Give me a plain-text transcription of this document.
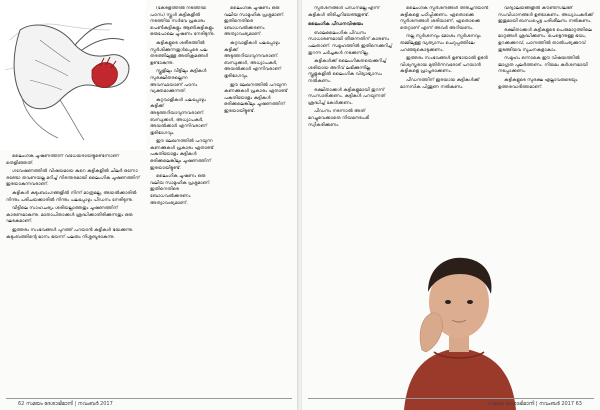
(കേരളത്തിൽ നടത്തിയ പഠനം) സ്കൂൾ കുട്ടികളിൽ നടത്തിയ സർവേ പ്രകാരം പെൺകുട്ടികളും ആൺകുട്ടികളും ഒരുപോലെ ചൂഷണം നേരിടുന്നു.

കുട്ടികളുടെ ശരീരത്തിൽ സ്പർശിക്കുന്നതുൾപ്പെടെ പല തരത്തിലുള്ള അതിക്രമങ്ങൾ ഉണ്ടാകുന്നു.

സ്കൂളിലും വീട്ടിലും കുട്ടികൾ സുരക്ഷിതരല്ലെന്ന അവസ്ഥയാണ് പഠനം വ്യക്തമാക്കുന്നത്.

കുറ്റവാളികൾ പലപ്പോഴും കുട്ടിക്ക് അടുത്തറിയാവുന്നവരാണ്. ബന്ധുക്കൾ, അധ്യാപകർ, അയൽക്കാർ എന്നിവരാണ് ഭൂരിഭാഗവും.

ഈ ലേഖനത്തിൽ പറയുന്ന കണക്കുകൾ പ്രകാരം ഏതാണ്ട് പകുതിയോളം കുട്ടികൾ ഒരിക്കലെങ്കിലും ചൂഷണത്തിന് ഇരയായിട്ടുണ്ട്.

ലൈംഗിക ചൂഷണം ഒരു വലിയ സാമൂഹിക പ്രശ്നമാണ്. ഇതിനെതിരെ ബോധവൽക്കരണം അത്യാവശ്യമാണ്.

ലൈംഗിക ചൂഷണം ഒരു വലിയ സാമൂഹിക പ്രശ്നമാണ്. ഇതിനെതിരെ ബോധവൽക്കരണം അത്യാവശ്യമാണ്.

കുറ്റവാളികൾ പലപ്പോഴും കുട്ടിക്ക് അടുത്തറിയാവുന്നവരാണ്. ബന്ധുക്കൾ, അധ്യാപകർ, അയൽക്കാർ എന്നിവരാണ് ഭൂരിഭാഗവും.

ഈ ലേഖനത്തിൽ പറയുന്ന കണക്കുകൾ പ്രകാരം ഏതാണ്ട് പകുതിയോളം കുട്ടികൾ ഒരിക്കലെങ്കിലും ചൂഷണത്തിന് ഇരയായിട്ടുണ്ട്.

ലൈംഗിക ചൂഷണത്തിന് വിധേയരായിട്ടുണ്ടെന്നാണ് തെളിഞ്ഞത്.

ഗവേഷണത്തിൽ വിഷയമായ കുറെ കുട്ടികളിൽ ചിലർ ഒന്നോ രണ്ടോ തവണയല്ല മറിച്ച് നിരന്തരമായി ലൈംഗിക ചൂഷണത്തിന് ഇരയാകുന്നവരാണ്.

കുട്ടികൾ കുടുംബാംഗങ്ങളിൽ നിന്ന് മാത്രമല്ല, അയൽക്കാരിൽ നിന്നും പരിചയക്കാരിൽ നിന്നും പലപ്പോഴും പീഡനം നേരിടുന്നു.

വീട്ടിലെ സാഹചര്യം ശരിയല്ലാത്തതും ചൂഷണത്തിന് കാരണമാകുന്നു. മാതാപിതാക്കൾ ശ്രദ്ധിക്കാതിരിക്കുന്നതും ഒരു ഘടകമാണ്.

ഇത്തരം സംഭവങ്ങൾ പുറത്ത് പറയാൻ കുട്ടികൾ ഭയക്കുന്നു. കുടുംബത്തിന്റെ മാനം ഭയന്ന് പലരും നിശ്ശബ്ദരാകുന്നു.

62 സമയം ദേശാഭിമാനി | നവംബർ 2017

സ്പർശനങ്ങൾ പീഡനമല്ല എന്ന് കുട്ടികൾ തിരിച്ചറിയേണ്ടതുണ്ട്.

ലൈംഗിക പീഡനവിഷയം

ബാലലൈംഗിക പീഡനം സാധാരണമായി തീരുന്നതിന് കാരണം പലതാണ്. സമൂഹത്തിൽ ഇതിനെക്കുറിച്ച് തുറന്ന ചർച്ചകൾ നടക്കുന്നില്ല.

കുട്ടികൾക്ക് ലൈംഗികതയെക്കുറിച്ച് ശരിയായ അറിവ് ലഭിക്കുന്നില്ല. സ്കൂളുകളിൽ ലൈംഗിക വിദ്യാഭ്യാസം നൽകണം.

രക്ഷിതാക്കൾ കുട്ടികളുമായി തുറന്ന് സംസാരിക്കണം. കുട്ടികൾ പറയുന്നത് ശ്രദ്ധിച്ച് കേൾക്കണം.

പീഡനം നടന്നാൽ അത് മറച്ചുവെക്കാതെ നിയമനടപടി സ്വീകരിക്കണം.

ലൈംഗിക സ്പർശനങ്ങൾ തിരിച്ചറിയാൻ കുട്ടികളെ പഠിപ്പിക്കണം. ഏതൊക്കെ സ്പർശനങ്ങൾ ശരിയാണ്, ഏതൊക്കെ തെറ്റാണ് എന്ന് അവർ അറിയണം.

നല്ല സ്പർശനവും മോശം സ്പർശനവും തമ്മിലുള്ള വ്യത്യാസം ചെറുപ്പത്തിലേ പറഞ്ഞുകൊടുക്കണം.

ഇത്തരം സംഭവങ്ങൾ ഉണ്ടായാൽ ഉടൻ വിശ്വസ്തരായ മുതിർന്നവരോട് പറയാൻ കുട്ടികളെ പ്രാപ്തരാക്കണം.

പീഡനത്തിന് ഇരയായ കുട്ടികൾക്ക് മാനസിക പിന്തുണ നൽകണം.

വിദ്യാലയങ്ങളിൽ കൗൺസിലിങ് സംവിധാനങ്ങൾ ഉണ്ടാകണം. അധ്യാപകർക്ക് ഇതുമായി ബന്ധപ്പെട്ട പരിശീലനം നൽകണം.

രക്ഷിതാക്കൾ കുട്ടികളുടെ പെരുമാറ്റത്തിലെ മാറ്റങ്ങൾ ശ്രദ്ധിക്കണം. പെട്ടെന്നുള്ള ഭയം, ഉറക്കക്കുറവ്, പഠനത്തിൽ താൽപര്യക്കുറവ് തുടങ്ങിയവ സൂചനകളാകാം.

സമൂഹം ഒന്നാകെ ഈ വിഷയത്തിൽ ജാഗ്രത പുലർത്തണം. നിയമം കർശനമായി നടപ്പാക്കണം.

കുട്ടികളുടെ സുരക്ഷ എല്ലാവരുടെയും ഉത്തരവാദിത്തമാണ്.

സമയം ദേശാഭിമാനി | നവംബർ 2017 63
